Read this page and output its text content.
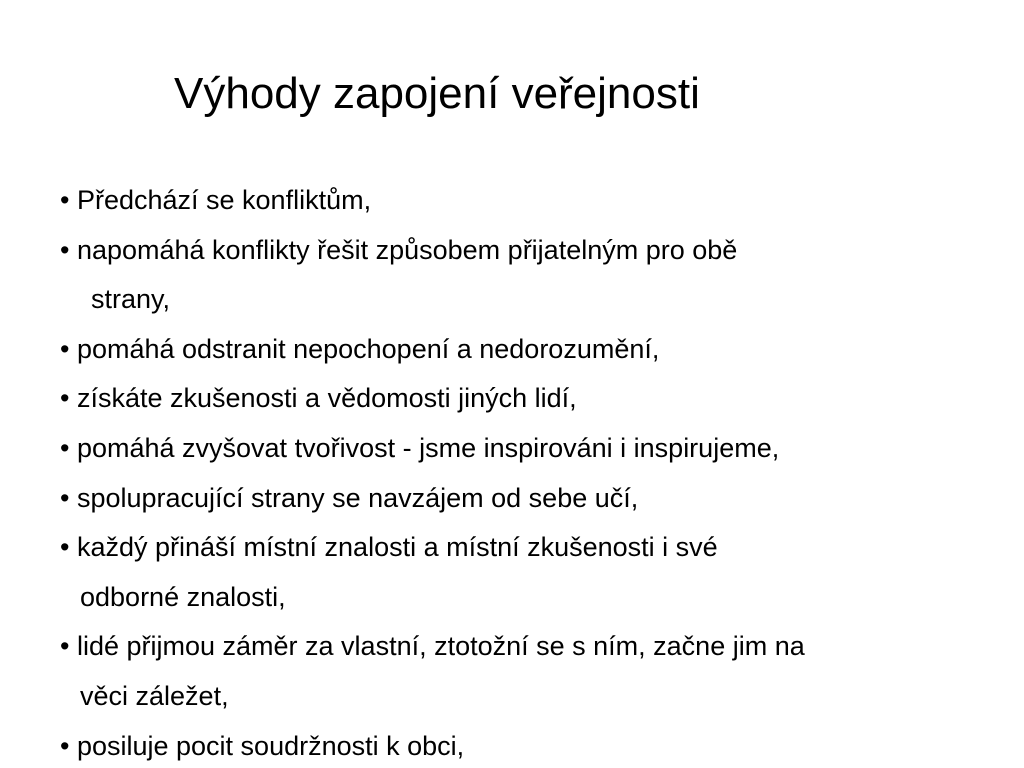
Výhody zapojení veřejnosti
• Předchází se konfliktům,
• napomáhá konflikty řešit způsobem přijatelným pro obě
strany,
• pomáhá odstranit nepochopení a nedorozumění,
• získáte zkušenosti a vědomosti jiných lidí,
• pomáhá zvyšovat tvořivost - jsme inspirováni i inspirujeme,
• spolupracující strany se navzájem od sebe učí,
• každý přináší místní znalosti a místní zkušenosti i své
odborné znalosti,
• lidé přijmou záměr za vlastní, ztotožní se s ním, začne jim na
věci záležet,
• posiluje pocit soudržnosti k obci,
